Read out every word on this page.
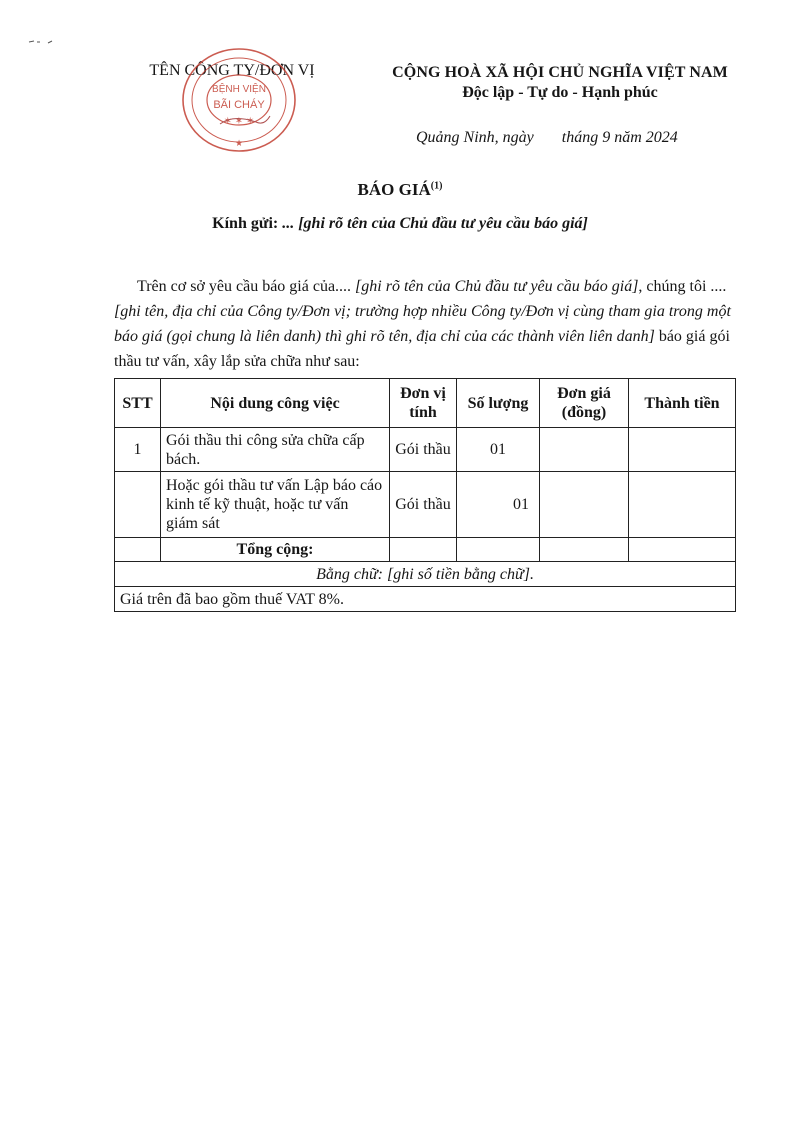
TÊN CÔNG TY/ĐƠN VỊ
BỆNH VIỆN
BÃI CHÁY
✶ ✶ ✶
★
CỘNG HOÀ XÃ HỘI CHỦ NGHĨA VIỆT NAM
Độc lập - Tự do - Hạnh phúc
Quảng Ninh, ngày       tháng 9 năm 2024
BÁO GIÁ$^{(1)}$
Kính gửi: ... [ghi rõ tên của Chủ đầu tư yêu cầu báo giá]
Trên cơ sở yêu cầu báo giá của.... [ghi rõ tên của Chủ đầu tư yêu cầu báo giá], chúng tôi .... [ghi tên, địa chỉ của Công ty/Đơn vị; trường hợp nhiều Công ty/Đơn vị cùng tham gia trong một báo giá (gọi chung là liên danh) thì ghi rõ tên, địa chỉ của các thành viên liên danh] báo giá gói thầu tư vấn, xây lắp sửa chữa như sau:
STT	Nội dung công việc	Đơn vị tính	Số lượng	Đơn giá (đồng)	Thành tiền
1	Gói thầu thi công sửa chữa cấp bách.	Gói thầu	01		
	Hoặc gói thầu tư vấn Lập báo cáo kinh tế kỹ thuật, hoặc tư vấn giám sát	Gói thầu	01		
	Tổng cộng:				
Bằng chữ: [ghi số tiền bằng chữ].					
Giá trên đã bao gồm thuế VAT 8%.					
